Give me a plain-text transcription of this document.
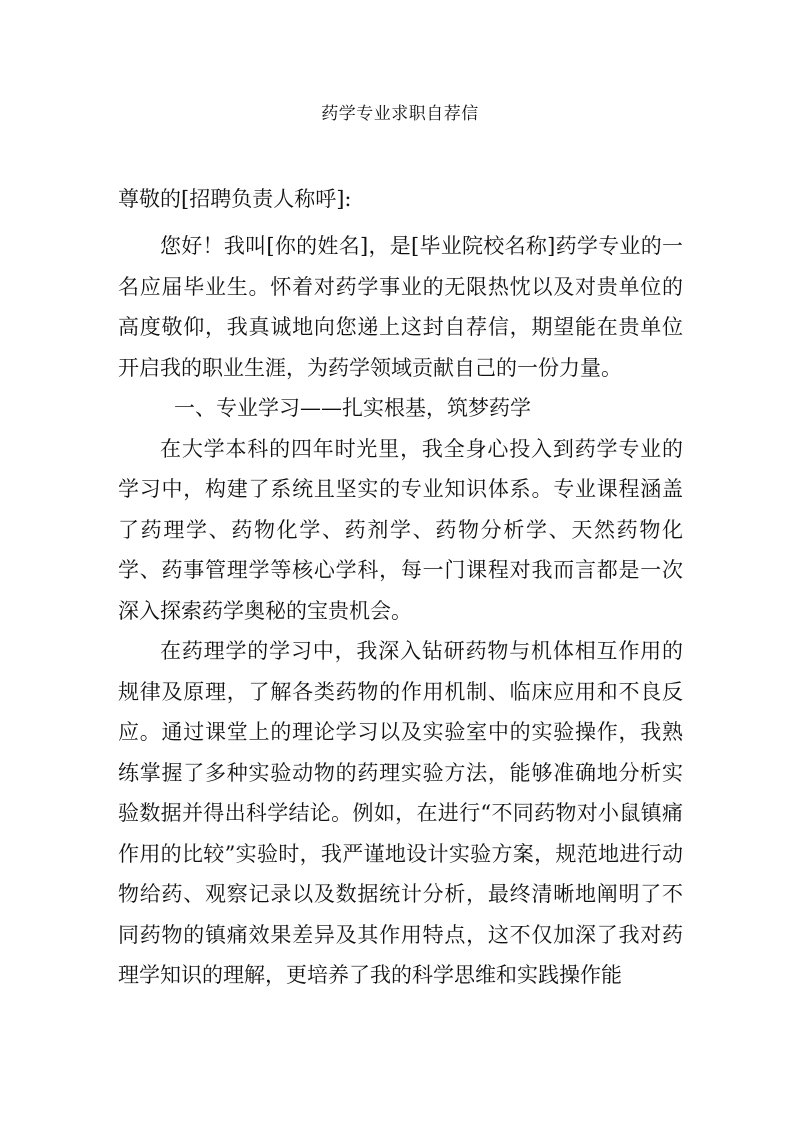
药学专业求职自荐信
尊敬的[招聘负责人称呼]:

您好！我叫[你的姓名]，是[毕业院校名称]药学专业的一名应届毕业生。怀着对药学事业的无限热忱以及对贵单位的高度敬仰，我真诚地向您递上这封自荐信，期望能在贵单位开启我的职业生涯，为药学领域贡献自己的一份力量。

一、专业学习——扎实根基，筑梦药学

在大学本科的四年时光里，我全身心投入到药学专业的学习中，构建了系统且坚实的专业知识体系。专业课程涵盖了药理学、药物化学、药剂学、药物分析学、天然药物化学、药事管理学等核心学科，每一门课程对我而言都是一次深入探索药学奥秘的宝贵机会。

在药理学的学习中，我深入钻研药物与机体相互作用的规律及原理，了解各类药物的作用机制、临床应用和不良反应。通过课堂上的理论学习以及实验室中的实验操作，我熟练掌握了多种实验动物的药理实验方法，能够准确地分析实验数据并得出科学结论。例如，在进行“不同药物对小鼠镇痛作用的比较”实验时，我严谨地设计实验方案，规范地进行动物给药、观察记录以及数据统计分析，最终清晰地阐明了不同药物的镇痛效果差异及其作用特点，这不仅加深了我对药理学知识的理解，更培养了我的科学思维和实践操作能
